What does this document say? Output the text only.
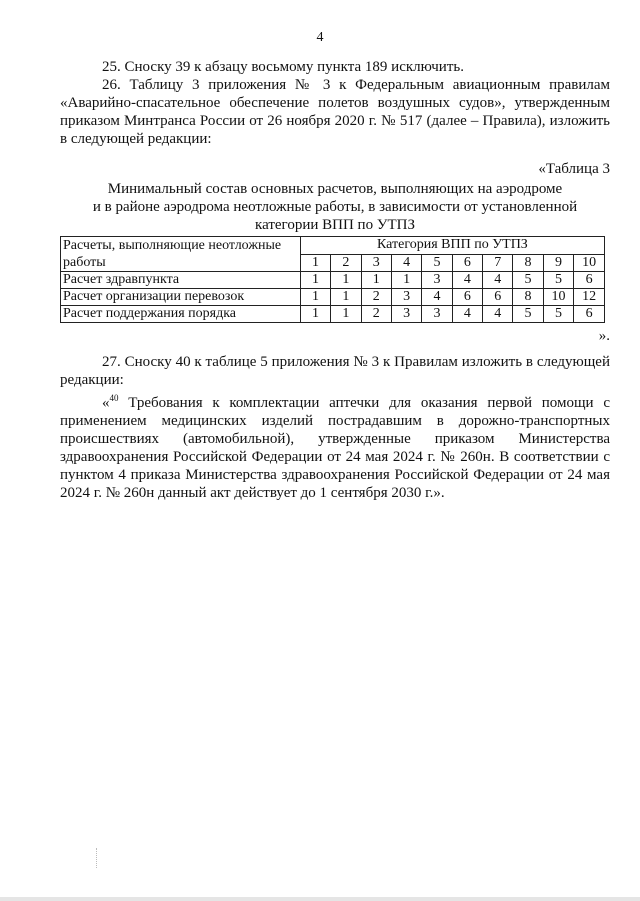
4

25. Сноску 39 к абзацу восьмому пункта 189 исключить.

26. Таблицу 3 приложения № 3 к Федеральным авиационным правилам «Аварийно-спасательное обеспечение полетов воздушных судов», утвержденным приказом Минтранса России от 26 ноября 2020 г. № 517 (далее – Правила), изложить в следующей редакции:

«Таблица 3

Минимальный состав основных расчетов, выполняющих на аэродроме
и в районе аэродрома неотложные работы, в зависимости от установленной
категории ВПП по УТПЗ
Расчеты, выполняющие неотложные работы	Категория ВПП по УТПЗ									
	1	2	3	4	5	6	7	8	9	10
Расчет здравпункта	1	1	1	1	3	4	4	5	5	6
Расчет организации перевозок	1	1	2	3	4	6	6	8	10	12
Расчет поддержания порядка	1	1	2	3	3	4	4	5	5	6

».

27. Сноску 40 к таблице 5 приложения № 3 к Правилам изложить в следующей редакции:

«$^{40}$ Требования к комплектации аптечки для оказания первой помощи с применением медицинских изделий пострадавшим в дорожно-транспортных происшествиях (автомобильной), утвержденные приказом Министерства здравоохранения Российской Федерации от 24 мая 2024 г. № 260н. В соответствии с пунктом 4 приказа Министерства здравоохранения Российской Федерации от 24 мая 2024 г. № 260н данный акт действует до 1 сентября 2030 г.».
